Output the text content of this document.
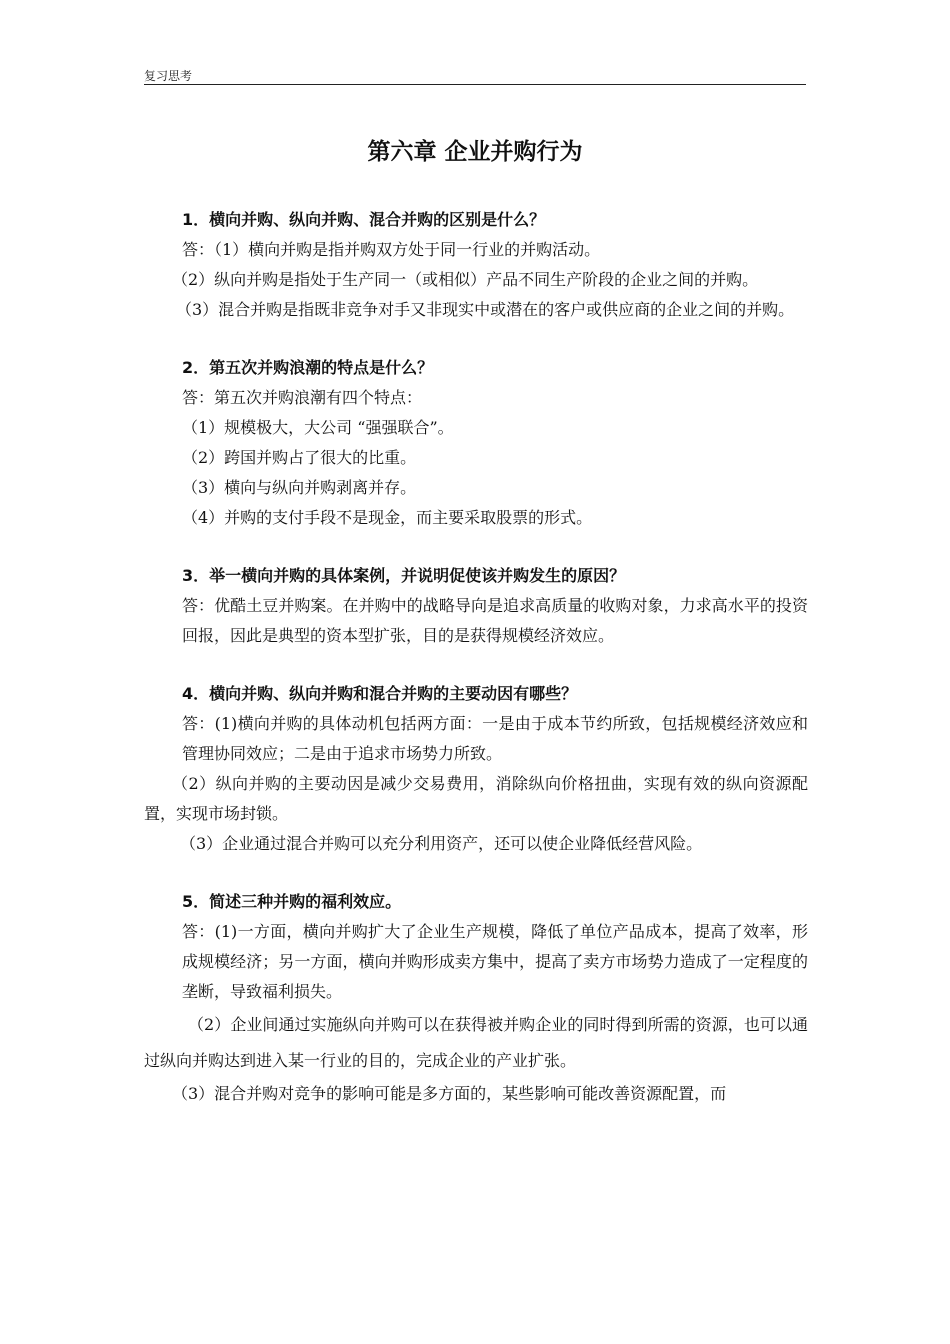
复习思考
第六章 企业并购行为
1．横向并购、纵向并购、混合并购的区别是什么？

答：（1）横向并购是指并购双方处于同一行业的并购活动。

（2）纵向并购是指处于生产同一（或相似）产品不同生产阶段的企业之间的并购。

（3）混合并购是指既非竞争对手又非现实中或潜在的客户或供应商的企业之间的并购。

2．第五次并购浪潮的特点是什么？

答：第五次并购浪潮有四个特点：

（1）规模极大，大公司 “强强联合”。

（2）跨国并购占了很大的比重。

（3）横向与纵向并购剥离并存。

（4）并购的支付手段不是现金，而主要采取股票的形式。

3．举一横向并购的具体案例，并说明促使该并购发生的原因？

答：优酷土豆并购案。在并购中的战略导向是追求高质量的收购对象，力求高水平的投资回报，因此是典型的资本型扩张，目的是获得规模经济效应。

4．横向并购、纵向并购和混合并购的主要动因有哪些？

答：(1)横向并购的具体动机包括两方面：一是由于成本节约所致，包括规模经济效应和管理协同效应；二是由于追求市场势力所致。

（2）纵向并购的主要动因是减少交易费用，消除纵向价格扭曲，实现有效的纵向资源配置，实现市场封锁。

（3）企业通过混合并购可以充分利用资产，还可以使企业降低经营风险。

5．简述三种并购的福利效应。

答：(1)一方面，横向并购扩大了企业生产规模，降低了单位产品成本，提高了效率，形成规模经济；另一方面，横向并购形成卖方集中，提高了卖方市场势力造成了一定程度的垄断，导致福利损失。

（2）企业间通过实施纵向并购可以在获得被并购企业的同时得到所需的资源，也可以通过纵向并购达到进入某一行业的目的，完成企业的产业扩张。

（3）混合并购对竞争的影响可能是多方面的，某些影响可能改善资源配置，而
